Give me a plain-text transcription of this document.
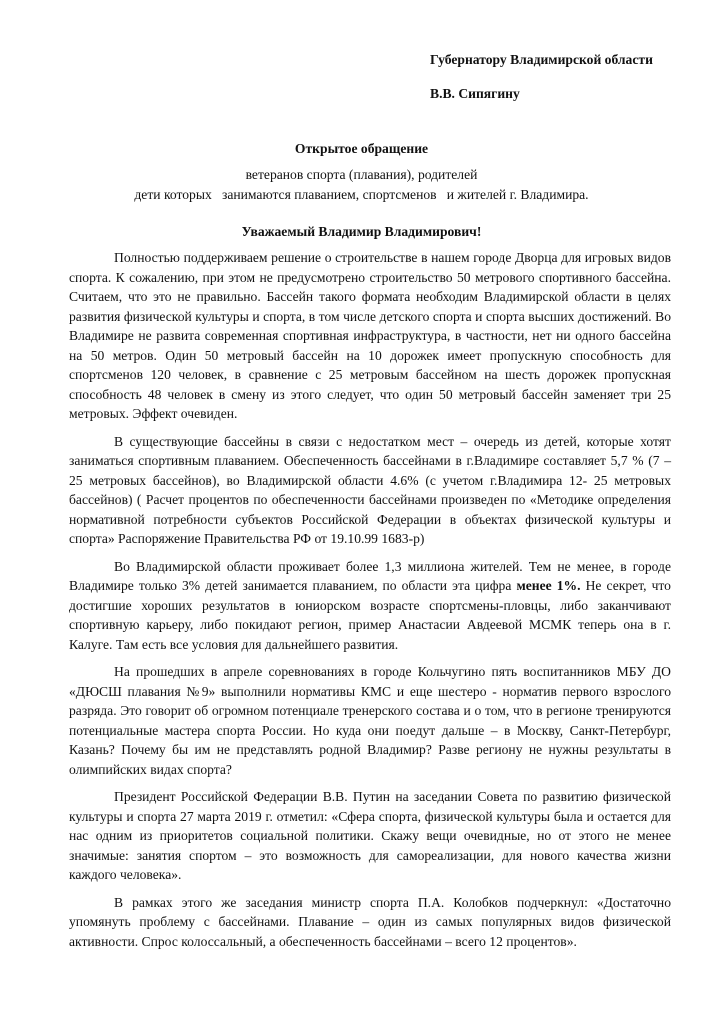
Губернатору Владимирской области
В.В. Сипягину
Открытое обращение
ветеранов спорта (плавания), родителей
дети которых   занимаются плаванием, спортсменов   и жителей г. Владимира.
Уважаемый Владимир Владимирович!

Полностью поддерживаем решение о строительстве в нашем городе Дворца для игровых видов спорта. К сожалению, при этом не предусмотрено строительство 50 метрового спортивного бассейна. Считаем, что это не правильно. Бассейн такого формата необходим Владимирской области в целях развития физической культуры и спорта, в том числе детского спорта и спорта высших достижений. Во Владимире не развита современная спортивная инфраструктура, в частности, нет ни одного бассейна на 50 метров. Один 50 метровый бассейн на 10 дорожек имеет пропускную способность для спортсменов 120 человек, в сравнение с 25 метровым бассейном на шесть дорожек пропускная способность 48 человек в смену из этого следует, что один 50 метровый бассейн заменяет три 25 метровых. Эффект очевиден.

В существующие бассейны в связи с недостатком мест – очередь из детей, которые хотят заниматься спортивным плаванием. Обеспеченность бассейнами в г.Владимире составляет 5,7 % (7 – 25 метровых бассейнов), во Владимирской области 4.6% (с учетом г.Владимира 12- 25 метровых бассейнов) ( Расчет процентов по обеспеченности бассейнами произведен по «Методике определения нормативной потребности субъектов Российской Федерации в объектах физической культуры и спорта» Распоряжение Правительства РФ от 19.10.99 1683-р)

Во Владимирской области проживает более 1,3 миллиона жителей. Тем не менее, в городе Владимире только 3% детей занимается плаванием, по области эта цифра менее 1%. Не секрет, что достигшие хороших результатов в юниорском возрасте спортсмены-пловцы, либо заканчивают спортивную карьеру, либо покидают регион, пример Анастасии Авдеевой МСМК теперь она в г. Калуге. Там есть все условия для дальнейшего развития.

На прошедших в апреле соревнованиях в городе Кольчугино пять воспитанников МБУ ДО «ДЮСШ плавания №9» выполнили нормативы КМС и еще шестеро - норматив первого взрослого разряда. Это говорит об огромном потенциале тренерского состава и о том, что в регионе тренируются потенциальные мастера спорта России. Но куда они поедут дальше – в Москву, Санкт-Петербург, Казань? Почему бы им не представлять родной Владимир? Разве региону не нужны результаты в олимпийских видах спорта?

Президент Российской Федерации В.В. Путин на заседании Совета по развитию физической культуры и спорта 27 марта 2019 г. отметил: «Сфера спорта, физической культуры была и остается для нас одним из приоритетов социальной политики. Скажу вещи очевидные, но от этого не менее значимые: занятия спортом – это возможность для самореализации, для нового качества жизни каждого человека».

В рамках этого же заседания министр спорта П.А. Колобков подчеркнул: «Достаточно упомянуть проблему с бассейнами. Плавание – один из самых популярных видов физической активности. Спрос колоссальный, а обеспеченность бассейнами – всего 12 процентов».
